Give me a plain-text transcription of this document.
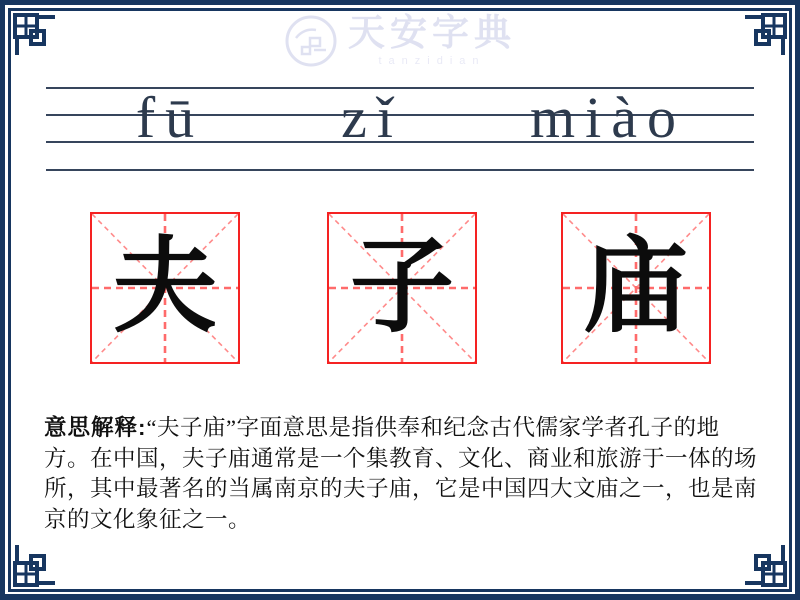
天安字典
tanzidian
fū zǐ miào
夫 子 庙
意思解释:“夫子庙”字面意思是指供奉和纪念古代儒家学者孔子的地方。在中国，夫子庙通常是一个集教育、文化、商业和旅游于一体的场所，其中最著名的当属南京的夫子庙，它是中国四大文庙之一，也是南京的文化象征之一。
